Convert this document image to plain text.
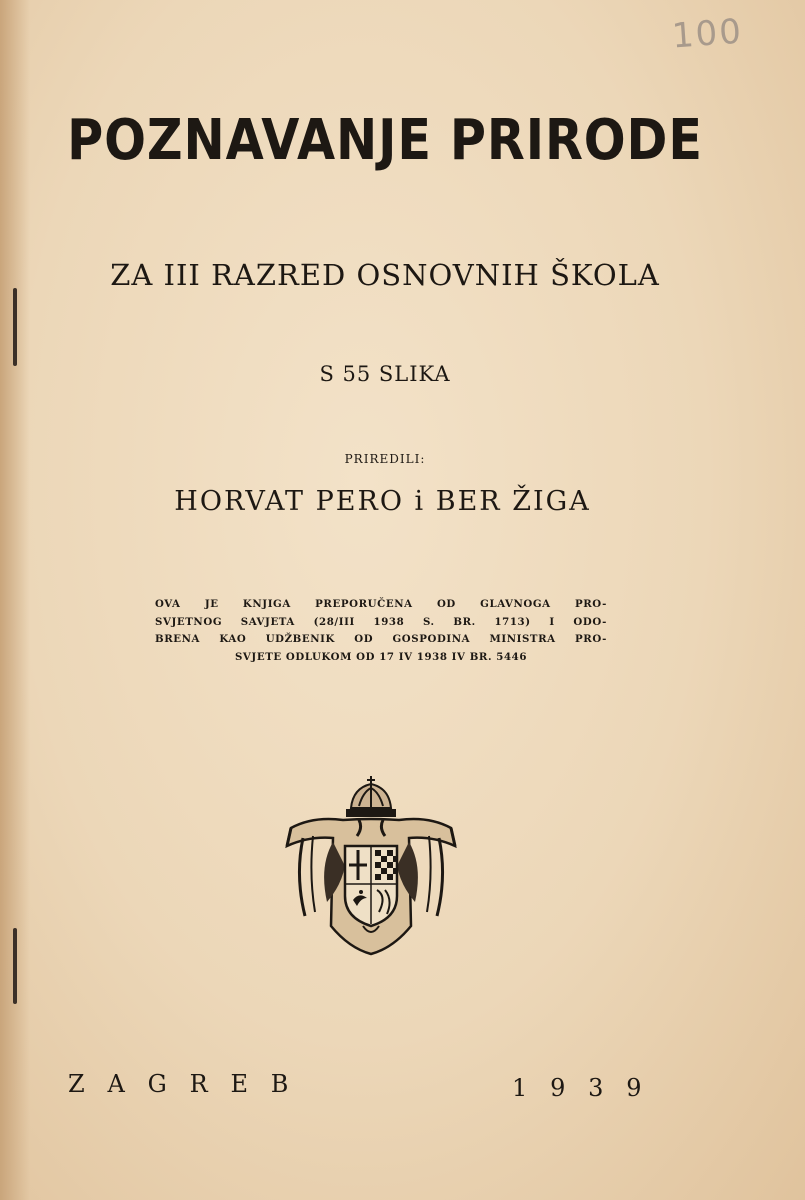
100
POZNAVANJE PRIRODE
ZA III RAZRED OSNOVNIH ŠKOLA
S 55 SLIKA
PRIREDILI:
HORVAT PERO i BER ŽIGA
OVA JE KNJIGA PREPORUČENA OD GLAVNOGA PRO-
SVJETNOG SAVJETA (28/III 1938 S. BR. 1713) I ODO-
BRENA KAO UDŽBENIK OD GOSPODINA MINISTRA PRO-
SVJETE ODLUKOM OD 17 IV 1938 IV BR. 5446
ZAGREB	1939
